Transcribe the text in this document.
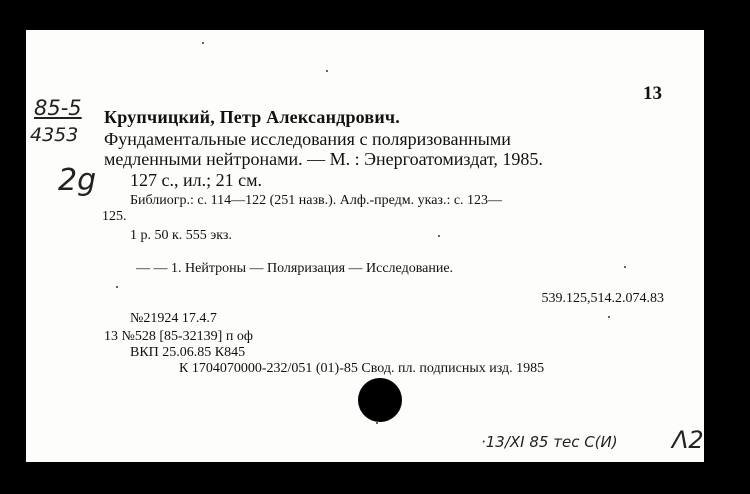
13
85-5
4353
2g
Крупчицкий, Петр Александрович.
Фундаментальные исследования с поляризованными
медленными нейтронами. — М. : Энергоатомиздат, 1985.
127 с., ил.; 21 см.
Библиогр.: с. 114—122 (251 назв.). Алф.-предм. указ.: с. 123—
125.
1 р. 50 к. 555 экз.
— — 1. Нейтроны — Поляризация — Исследование.
539.125,514.2.074.83
№21924 17.4.7
13 №528 [85-32139] п оф
ВКП 25.06.85 К845
К 1704070000-232/051 (01)-85 Свод. пл. подписных изд. 1985
·13/XI 85 тес С(И) Λ2
